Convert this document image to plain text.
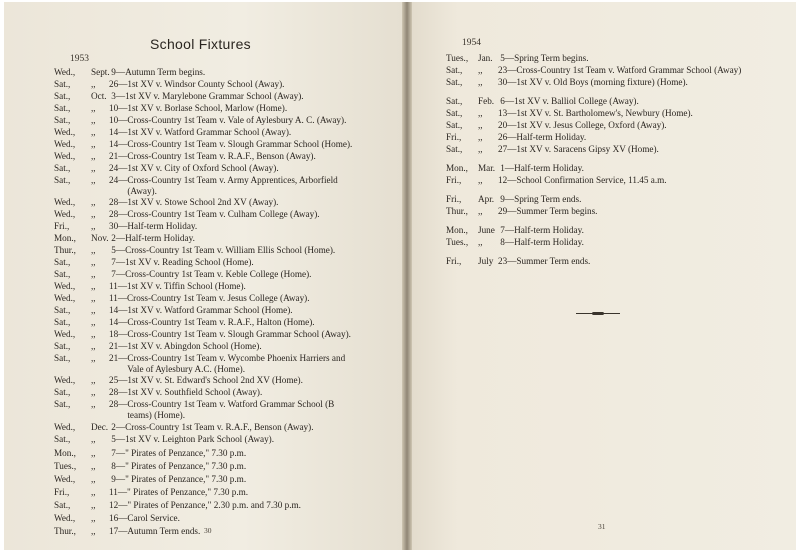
School Fixtures
1953
Wed., Sept. 9—Autumn Term begins.
Sat., ,, 26—1st XV v. Windsor County School (Away).
Sat., Oct. 3—1st XV v. Marylebone Grammar School (Away).
Sat., ,, 10—1st XV v. Borlase School, Marlow (Home).
Sat., ,, 10—Cross-Country 1st Team v. Vale of Aylesbury A. C. (Away).
Wed., ,, 14—1st XV v. Watford Grammar School (Away).
Wed., ,, 14—Cross-Country 1st Team v. Slough Grammar School (Home).
Wed., ,, 21—Cross-Country 1st Team v. R.A.F., Benson (Away).
Sat., ,, 24—1st XV v. City of Oxford School (Away).
Sat., ,, 24—Cross-Country 1st Team v. Army Apprentices, Arborfield
(Away).
Wed., ,, 28—1st XV v. Stowe School 2nd XV (Away).
Wed., ,, 28—Cross-Country 1st Team v. Culham College (Away).
Fri., ,, 30—Half-term Holiday.
Mon., Nov. 2—Half-term Holiday.
Thur., ,, 5—Cross-Country 1st Team v. William Ellis School (Home).
Sat., ,, 7—1st XV v. Reading School (Home).
Sat., ,, 7—Cross-Country 1st Team v. Keble College (Home).
Wed., ,, 11—1st XV v. Tiffin School (Home).
Wed., ,, 11—Cross-Country 1st Team v. Jesus College (Away).
Sat., ,, 14—1st XV v. Watford Grammar School (Home).
Sat., ,, 14—Cross-Country 1st Team v. R.A.F., Halton (Home).
Wed., ,, 18—Cross-Country 1st Team v. Slough Grammar School (Away).
Sat., ,, 21—1st XV v. Abingdon School (Home).
Sat., ,, 21—Cross-Country 1st Team v. Wycombe Phoenix Harriers and
Vale of Aylesbury A.C. (Home).
Wed., ,, 25—1st XV v. St. Edward's School 2nd XV (Home).
Sat., ,, 28—1st XV v. Southfield School (Away).
Sat., ,, 28—Cross-Country 1st Team v. Watford Grammar School (B
teams) (Home).
Wed., Dec. 2—Cross-Country 1st Team v. R.A.F., Benson (Away).
Sat., ,, 5—1st XV v. Leighton Park School (Away).
Mon., ,, 7—" Pirates of Penzance," 7.30 p.m.
Tues., ,, 8—" Pirates of Penzance," 7.30 p.m.
Wed., ,, 9—" Pirates of Penzance," 7.30 p.m.
Fri., ,, 11—" Pirates of Penzance," 7.30 p.m.
Sat., ,, 12—" Pirates of Penzance," 2.30 p.m. and 7.30 p.m.
Wed., ,, 16—Carol Service.
Thur., ,, 17—Autumn Term ends.
1954
Tues., Jan. 5—Spring Term begins.
Sat., ,, 23—Cross-Country 1st Team v. Watford Grammar School (Away)
Sat., ,, 30—1st XV v. Old Boys (morning fixture) (Home).
Sat., Feb. 6—1st XV v. Balliol College (Away).
Sat., ,, 13—1st XV v. St. Bartholomew's, Newbury (Home).
Sat., ,, 20—1st XV v. Jesus College, Oxford (Away).
Fri., ,, 26—Half-term Holiday.
Sat., ,, 27—1st XV v. Saracens Gipsy XV (Home).
Mon., Mar. 1—Half-term Holiday.
Fri., ,, 12—School Confirmation Service, 11.45 a.m.
Fri., Apr. 9—Spring Term ends.
Thur., ,, 29—Summer Term begins.
Mon., June 7—Half-term Holiday.
Tues., ,, 8—Half-term Holiday.
Fri., July 23—Summer Term ends.
30	31
